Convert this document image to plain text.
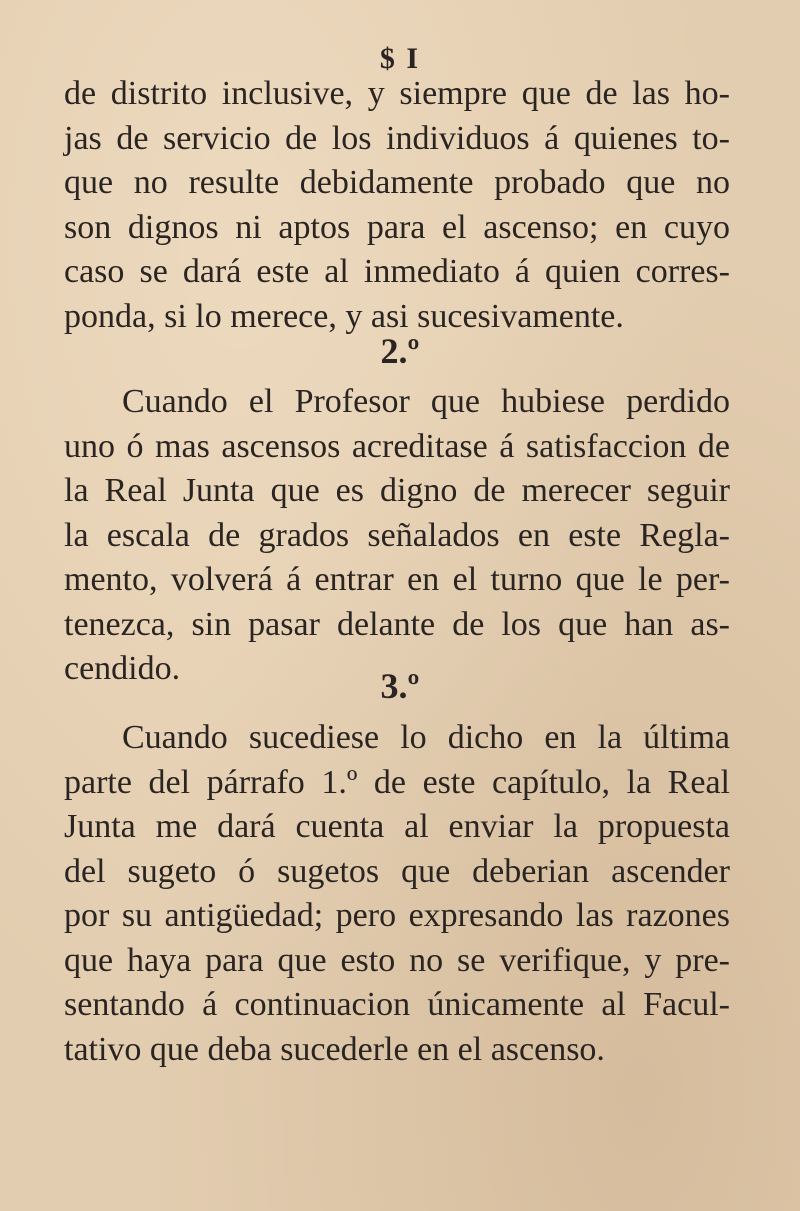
$ I
de distrito inclusive, y siempre que de las ho-
jas de servicio de los individuos á quienes to-
que no resulte debidamente probado que no
son dignos ni aptos para el ascenso; en cuyo
caso se dará este al inmediato á quien corres-
ponda, si lo merece, y asi sucesivamente.
2.º
Cuando el Profesor que hubiese perdido
uno ó mas ascensos acreditase á satisfaccion de
la Real Junta que es digno de merecer seguir
la escala de grados señalados en este Regla-
mento, volverá á entrar en el turno que le per-
tenezca, sin pasar delante de los que han as-
cendido.	3.º
Cuando sucediese lo dicho en la última
parte del párrafo 1.º de este capítulo, la Real
Junta me dará cuenta al enviar la propuesta
del sugeto ó sugetos que deberian ascender
por su antigüedad; pero expresando las razones
que haya para que esto no se verifique, y pre-
sentando á continuacion únicamente al Facul-
tativo que deba sucederle en el ascenso.
